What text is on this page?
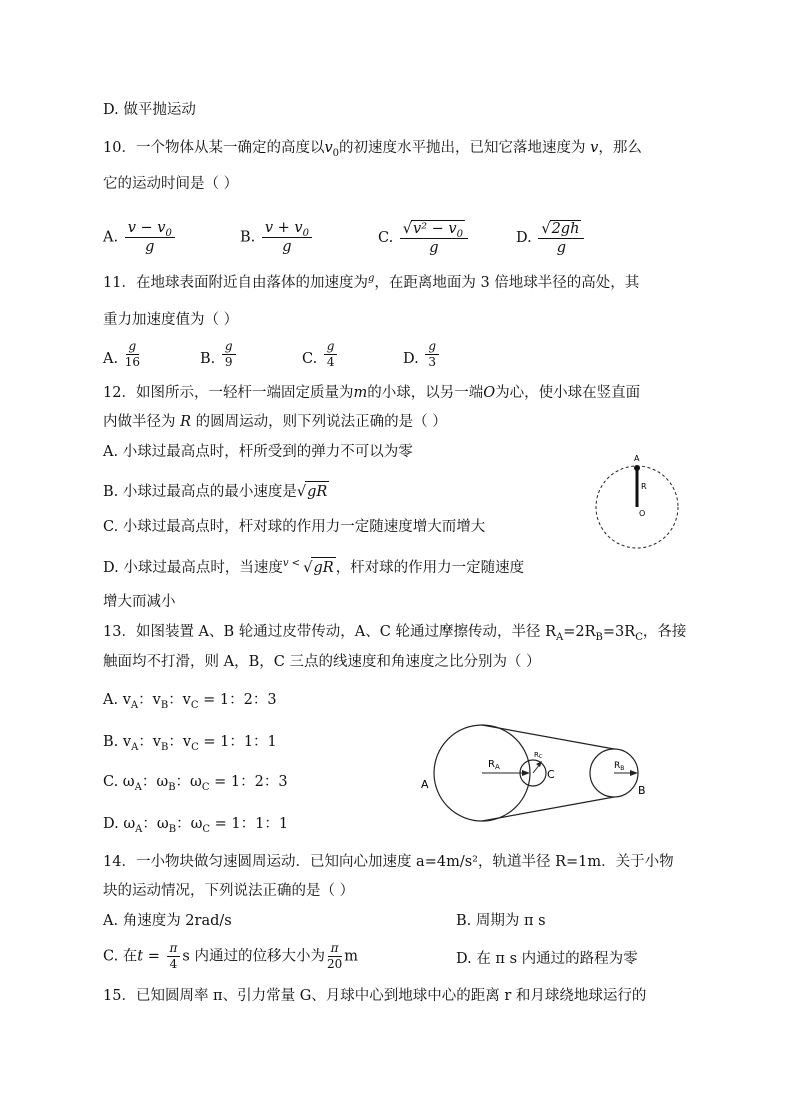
D. 做平抛运动
10．一个物体从某一确定的高度以$v_0$的初速度水平抛出，已知它落地速度为 v，那么
它的运动时间是（ ）
A. $\frac{v - v_0}{g}$	B. $\frac{v + v_0}{g}$	C. $\frac{√v^2 - v_0}{g}$	D. $\frac{√2gh}{g}$
11．在地球表面附近自由落体的加速度为$^g$，在距离地面为 3 倍地球半径的高处，其
重力加速度值为（ ）
A. $\frac{g}{16}$	B. $\frac{g}{9}$	C. $\frac{g}{4}$	D. $\frac{g}{3}$
12．如图所示，一轻杆一端固定质量为m的小球，以另一端O为心，使小球在竖直面
内做半径为 R 的圆周运动，则下列说法正确的是（ ）
A. 小球过最高点时，杆所受到的弹力不可以为零
B. 小球过最高点的最小速度是√gR
C. 小球过最高点时，杆对球的作用力一定随速度增大而增大
D. 小球过最高点时，当速度$^{v <}$ √gR ，杆对球的作用力一定随速度
增大而减小
A
R
O
13．如图装置 A、B 轮通过皮带传动，A、C 轮通过摩擦传动，半径 $R_A=2R_B=3R_C$，各接
触面均不打滑，则 A，B，C 三点的线速度和角速度之比分别为（ ）
A. $v_A$：$v_B$：$v_C = 1$：2：3
B. $v_A$：$v_B$：$v_C = 1$：1：1
C. $\omega_A$：$\omega_B$：$\omega_C = 1$：2：3
D. $\omega_A$：$\omega_B$：$\omega_C = 1$：1：1
$R_A$
RC
$R_B$
A
C
B
14．一小物块做匀速圆周运动．已知向心加速度 a=4m/s²，轨道半径 R=1m．关于小物
块的运动情况，下列说法正确的是（ ）
A. 角速度为 2rad/s	B. 周期为 π s
C. 在$t = \frac{\pi}{4}$ s 内通过的位移大小为 $\frac{\pi}{20}$ m	D. 在 π s 内通过的路程为零
15．已知圆周率 π、引力常量 G、月球中心到地球中心的距离 r 和月球绕地球运行的
